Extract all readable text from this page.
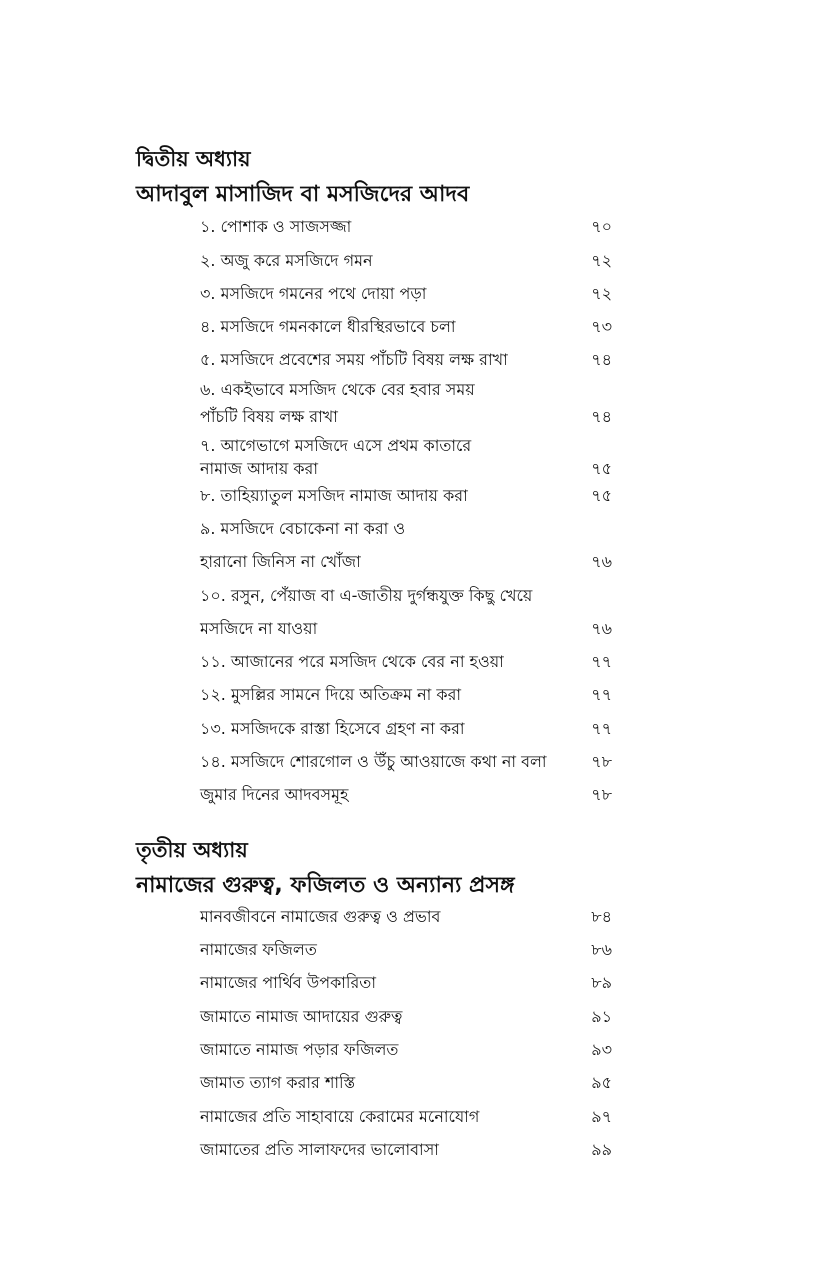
দ্বিতীয় অধ্যায়
আদাবুল মাসাজিদ বা মসজিদের আদব
১. পোশাক ও সাজসজ্জা	৭০
২. অজু করে মসজিদে গমন	৭২
৩. মসজিদে গমনের পথে দোয়া পড়া	৭২
৪. মসজিদে গমনকালে ধীরস্থিরভাবে চলা	৭৩
৫. মসজিদে প্রবেশের সময় পাঁচটি বিষয় লক্ষ রাখা	৭৪
৬. একইভাবে মসজিদ থেকে বের হবার সময়
পাঁচটি বিষয় লক্ষ রাখা	৭৪
৭. আগেভাগে মসজিদে এসে প্রথম কাতারে
নামাজ আদায় করা	৭৫
৮. তাহিয়্যাতুল মসজিদ নামাজ আদায় করা	৭৫
৯. মসজিদে বেচাকেনা না করা ও
হারানো জিনিস না খোঁজা	৭৬
১০. রসুন, পেঁয়াজ বা এ-জাতীয় দুর্গন্ধযুক্ত কিছু খেয়ে
মসজিদে না যাওয়া	৭৬
১১. আজানের পরে মসজিদ থেকে বের না হওয়া	৭৭
১২. মুসল্লির সামনে দিয়ে অতিক্রম না করা	৭৭
১৩. মসজিদকে রাস্তা হিসেবে গ্রহণ না করা	৭৭
১৪. মসজিদে শোরগোল ও উঁচু আওয়াজে কথা না বলা	৭৮
জুমার দিনের আদবসমূহ	৭৮
তৃতীয় অধ্যায়
নামাজের গুরুত্ব, ফজিলত ও অন্যান্য প্রসঙ্গ
মানবজীবনে নামাজের গুরুত্ব ও প্রভাব	৮৪
নামাজের ফজিলত	৮৬
নামাজের পার্থিব উপকারিতা	৮৯
জামাতে নামাজ আদায়ের গুরুত্ব	৯১
জামাতে নামাজ পড়ার ফজিলত	৯৩
জামাত ত্যাগ করার শাস্তি	৯৫
নামাজের প্রতি সাহাবায়ে কেরামের মনোযোগ	৯৭
জামাতের প্রতি সালাফদের ভালোবাসা	৯৯
